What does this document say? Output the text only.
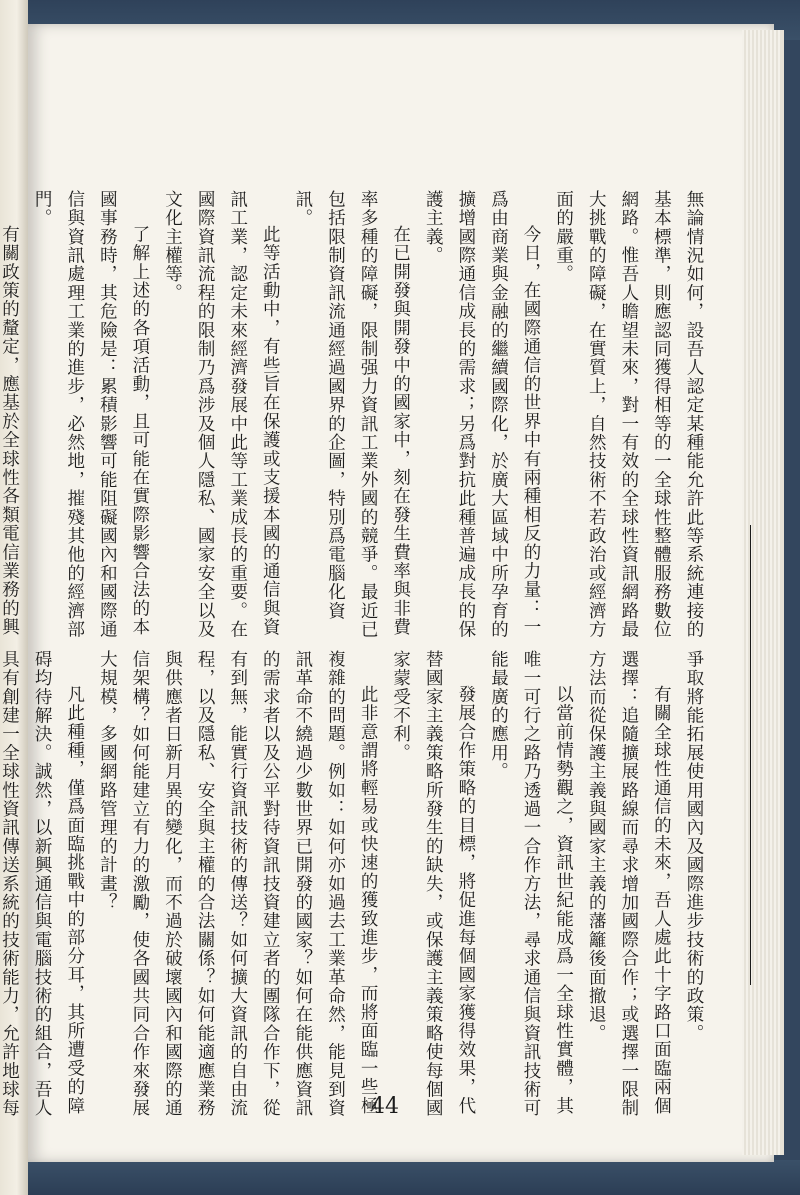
無論情況如何，設吾人認定某種能允許此等系統連接的基本標準，則應認同獲得相等的一全球性整體服務數位網路。惟吾人瞻望未來，對一有效的全球性資訊網路最大挑戰的障礙，在實質上，自然技術不若政治或經濟方面的嚴重。

今日，在國際通信的世界中有兩種相反的力量：一爲由商業與金融的繼續國際化，於廣大區域中所孕育的擴增國際通信成長的需求；另爲對抗此種普遍成長的保護主義。

在已開發與開發中的國家中，刻在發生費率與非費率多種的障礙，限制强力資訊工業外國的競爭。最近已包括限制資訊流通經過國界的企圖，特別爲電腦化資訊。

此等活動中，有些旨在保護或支援本國的通信與資訊工業，認定未來經濟發展中此等工業成長的重要。在國際資訊流程的限制乃爲涉及個人隱私、國家安全以及文化主權等。

了解上述的各項活動，且可能在實際影響合法的本國事務時，其危險是：累積影響可能阻礙國內和國際通信與資訊處理工業的進步，必然地，摧殘其他的經濟部門。

有關政策的釐定，應基於全球性各類電信業務的興

爭取將能拓展使用國內及國際進步技術的政策。

有關全球性通信的未來，吾人處此十字路口面臨兩個選擇：追隨擴展路線而尋求增加國際合作；或選擇一限制方法而從保護主義與國家主義的藩籬後面撤退。

以當前情勢觀之，資訊世紀能成爲一全球性實體，其唯一可行之路乃透過一合作方法，尋求通信與資訊技術可能最廣的應用。

發展合作策略的目標，將促進每個國家獲得效果，代替國家主義策略所發生的缺失，或保護主義策略使每個國家蒙受不利。

此非意謂將輕易或快速的獲致進步，而將面臨一些極複雜的問題。例如：如何亦如過去工業革命然，能見到資訊革命不繞過少數世界已開發的國家？如何在能供應資訊的需求者以及公平對待資訊技資建立者的團隊合作下，從有到無，能實行資訊技術的傳送？如何擴大資訊的自由流程，以及隱私、安全與主權的合法關係？如何能適應業務與供應者日新月異的變化，而不過於破壞國內和國際的通信架構？如何能建立有力的激勵，使各國共同合作來發展大規模，多國網路管理的計畫？

凡此種種，僅爲面臨挑戰中的部分耳，其所遭受的障碍均待解決。誠然，以新興通信與電腦技術的組合，吾人具有創建一全球性資訊傳送系統的技術能力，允許地球每	44
